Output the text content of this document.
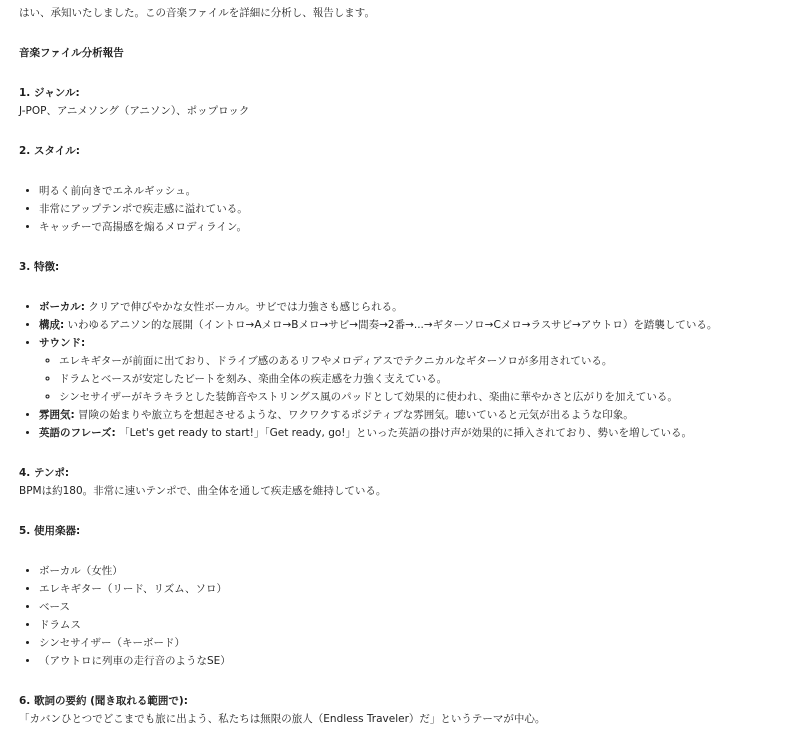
はい、承知いたしました。この音楽ファイルを詳細に分析し、報告します。

音楽ファイル分析報告

1. ジャンル:

J-POP、アニメソング（アニソン）、ポップロック

2. スタイル:

• 明るく前向きでエネルギッシュ。
• 非常にアップテンポで疾走感に溢れている。
• キャッチーで高揚感を煽るメロディライン。

3. 特徴:

• ボーカル: クリアで伸びやかな女性ボーカル。サビでは力強さも感じられる。
• 構成: いわゆるアニソン的な展開（イントロ→Aメロ→Bメロ→サビ→間奏→2番→...→ギターソロ→Cメロ→ラスサビ→アウトロ）を踏襲している。
• サウンド:
◦ エレキギターが前面に出ており、ドライブ感のあるリフやメロディアスでテクニカルなギターソロが多用されている。
◦ ドラムとベースが安定したビートを刻み、楽曲全体の疾走感を力強く支えている。
◦ シンセサイザーがキラキラとした装飾音やストリングス風のパッドとして効果的に使われ、楽曲に華やかさと広がりを加えている。
• 雰囲気: 冒険の始まりや旅立ちを想起させるような、ワクワクするポジティブな雰囲気。聴いていると元気が出るような印象。
• 英語のフレーズ: 「Let's get ready to start!」「Get ready, go!」といった英語の掛け声が効果的に挿入されており、勢いを増している。

4. テンポ:

BPMは約180。非常に速いテンポで、曲全体を通して疾走感を維持している。

5. 使用楽器:

• ボーカル（女性）
• エレキギター（リード、リズム、ソロ）
• ベース
• ドラムス
• シンセサイザー（キーボード）
• （アウトロに列車の走行音のようなSE）

6. 歌詞の要約 (聞き取れる範囲で):

「カバンひとつでどこまでも旅に出よう、私たちは無限の旅人（Endless Traveler）だ」というテーマが中心。
